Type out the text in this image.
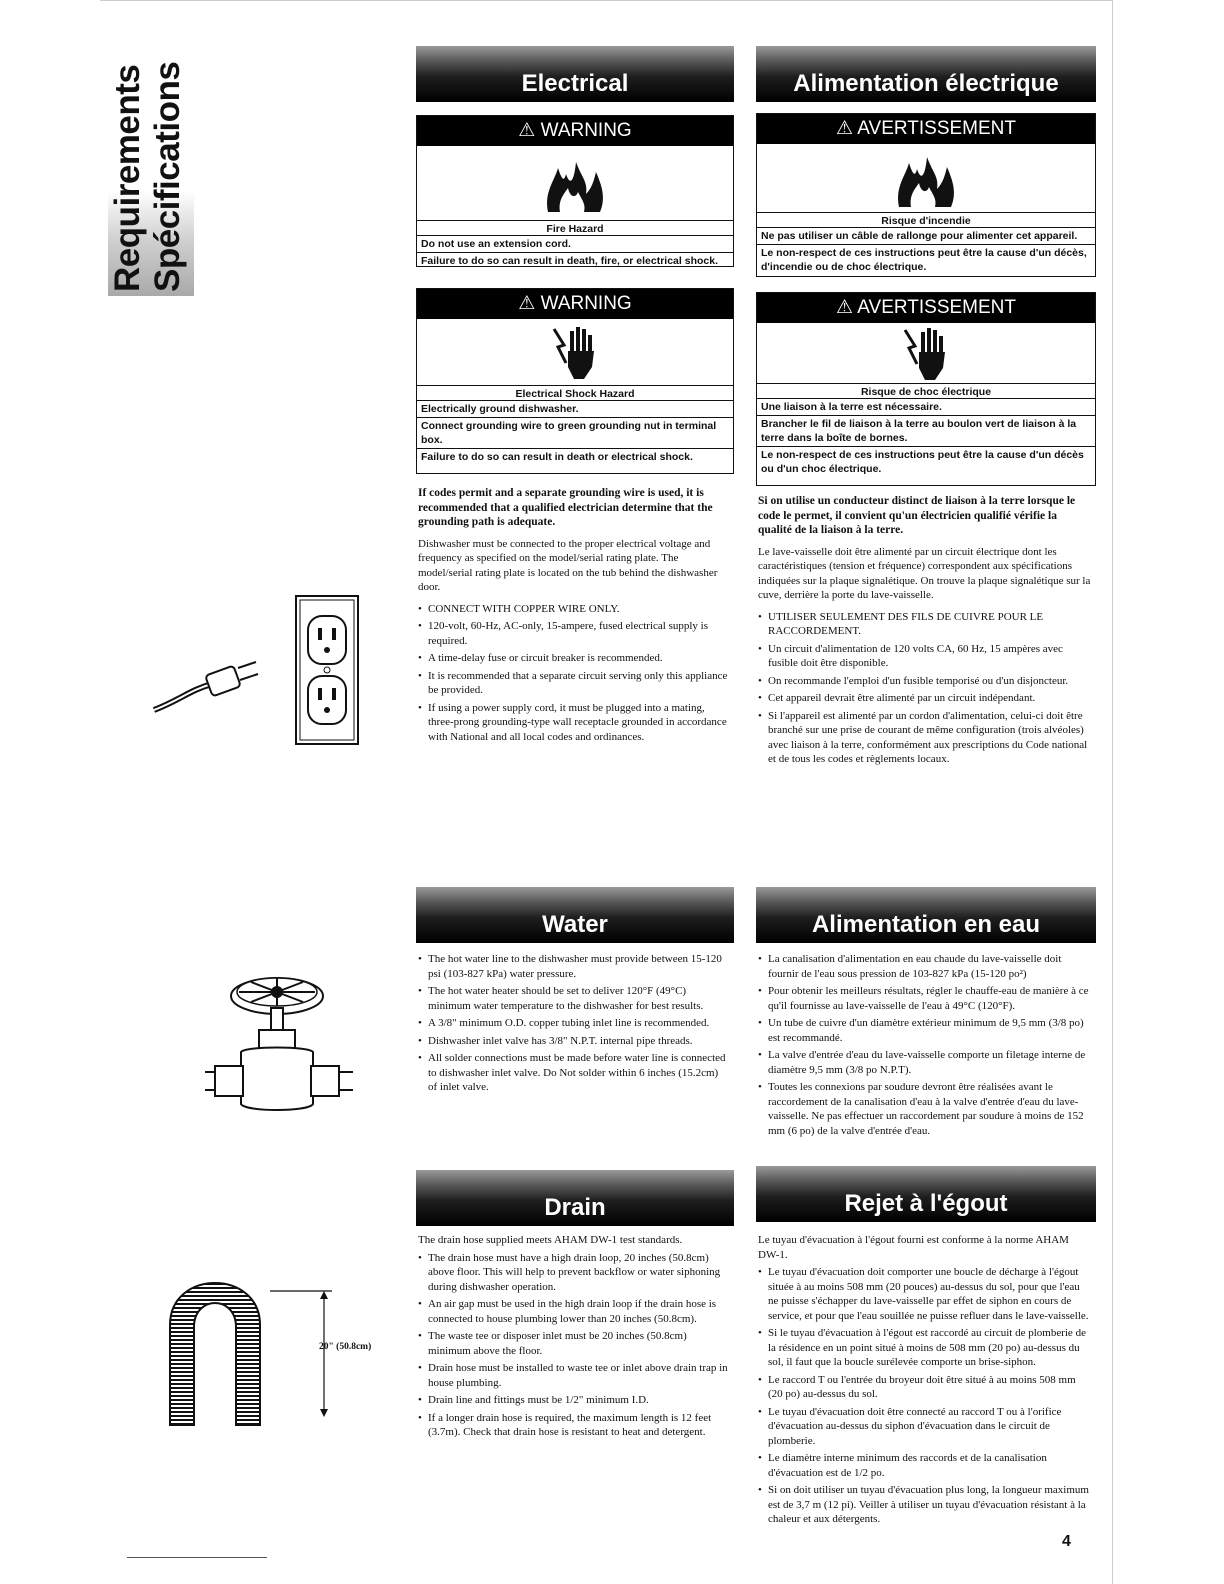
Requirements Spécifications	Electrical
⚠ WARNING
Fire Hazard
Do not use an extension cord.
Failure to do so can result in death, fire, or electrical shock.
⚠ WARNING
Electrical Shock Hazard
Electrically ground dishwasher.
Connect grounding wire to green grounding nut in terminal box.
Failure to do so can result in death or electrical shock.

If codes permit and a separate grounding wire is used, it is recommended that a qualified electrician determine that the grounding path is adequate.

Dishwasher must be connected to the proper electrical voltage and frequency as specified on the model/serial rating plate. The model/serial rating plate is located on the tub behind the dishwasher door.

• CONNECT WITH COPPER WIRE ONLY.
• 120-volt, 60-Hz, AC-only, 15-ampere, fused electrical supply is required.
• A time-delay fuse or circuit breaker is recommended.
• It is recommended that a separate circuit serving only this appliance be provided.
• If using a power supply cord, it must be plugged into a mating, three-prong grounding-type wall receptacle grounded in accordance with National and all local codes and ordinances.
Alimentation électrique
⚠ AVERTISSEMENT
Risque d'incendie
Ne pas utiliser un câble de rallonge pour alimenter cet appareil.
Le non-respect de ces instructions peut être la cause d'un décès, d'incendie ou de choc électrique.
⚠ AVERTISSEMENT
Risque de choc électrique
Une liaison à la terre est nécessaire.
Brancher le fil de liaison à la terre au boulon vert de liaison à la terre dans la boîte de bornes.
Le non-respect de ces instructions peut être la cause d'un décès ou d'un choc électrique.

Si on utilise un conducteur distinct de liaison à la terre lorsque le code le permet, il convient qu'un électricien qualifié vérifie la qualité de la liaison à la terre.

Le lave-vaisselle doit être alimenté par un circuit électrique dont les caractéristiques (tension et fréquence) correspondent aux spécifications indiquées sur la plaque signalétique. On trouve la plaque signalétique sur la cuve, derrière la porte du lave-vaisselle.

• UTILISER SEULEMENT DES FILS DE CUIVRE POUR LE RACCORDEMENT.
• Un circuit d'alimentation de 120 volts CA, 60 Hz, 15 ampères avec fusible doit être disponible.
• On recommande l'emploi d'un fusible temporisé ou d'un disjoncteur.
• Cet appareil devrait être alimenté par un circuit indépendant.
• Si l'appareil est alimenté par un cordon d'alimentation, celui-ci doit être branché sur une prise de courant de même configuration (trois alvéoles) avec liaison à la terre, conformément aux prescriptions du Code national et de tous les codes et règlements locaux.
Water
• The hot water line to the dishwasher must provide between 15-120 psi (103-827 kPa) water pressure.
• The hot water heater should be set to deliver 120°F (49°C) minimum water temperature to the dishwasher for best results.
• A 3/8" minimum O.D. copper tubing inlet line is recommended.
• Dishwasher inlet valve has 3/8" N.P.T. internal pipe threads.
• All solder connections must be made before water line is connected to dishwasher inlet valve. Do Not solder within 6 inches (15.2cm) of inlet valve.
Alimentation en eau
• La canalisation d'alimentation en eau chaude du lave-vaisselle doit fournir de l'eau sous pression de 103-827 kPa (15-120 po²)
• Pour obtenir les meilleurs résultats, régler le chauffe-eau de manière à ce qu'il fournisse au lave-vaisselle de l'eau à 49°C (120°F).
• Un tube de cuivre d'un diamètre extérieur minimum de 9,5 mm (3/8 po) est recommandé.
• La valve d'entrée d'eau du lave-vaisselle comporte un filetage interne de diamètre 9,5 mm (3/8 po N.P.T).
• Toutes les connexions par soudure devront être réalisées avant le raccordement de la canalisation d'eau à la valve d'entrée d'eau du lave-vaisselle. Ne pas effectuer un raccordement par soudure à moins de 152 mm (6 po) de la valve d'entrée d'eau.
Drain

The drain hose supplied meets AHAM DW-1 test standards.

• The drain hose must have a high drain loop, 20 inches (50.8cm) above floor. This will help to prevent backflow or water siphoning during dishwasher operation.
• An air gap must be used in the high drain loop if the drain hose is connected to house plumbing lower than 20 inches (50.8cm).
• The waste tee or disposer inlet must be 20 inches (50.8cm) minimum above the floor.
• Drain hose must be installed to waste tee or inlet above drain trap in house plumbing.
• Drain line and fittings must be 1/2" minimum I.D.
• If a longer drain hose is required, the maximum length is 12 feet (3.7m). Check that drain hose is resistant to heat and detergent.
Rejet à l'égout

Le tuyau d'évacuation à l'égout fourni est conforme à la norme AHAM DW-1.

• Le tuyau d'évacuation doit comporter une boucle de décharge à l'égout située à au moins 508 mm (20 pouces) au-dessus du sol, pour que l'eau ne puisse s'échapper du lave-vaisselle par effet de siphon en cours de service, et pour que l'eau souillée ne puisse refluer dans le lave-vaisselle.
• Si le tuyau d'évacuation à l'égout est raccordé au circuit de plomberie de la résidence en un point situé à moins de 508 mm (20 po) au-dessus du sol, il faut que la boucle surélevée comporte un brise-siphon.
• Le raccord T ou l'entrée du broyeur doit être situé à au moins 508 mm (20 po) au-dessus du sol.
• Le tuyau d'évacuation doit être connecté au raccord T ou à l'orifice d'évacuation au-dessus du siphon d'évacuation dans le circuit de plomberie.
• Le diamètre interne minimum des raccords et de la canalisation d'évacuation est de 1/2 po.
• Si on doit utiliser un tuyau d'évacuation plus long, la longueur maximum est de 3,7 m (12 pi). Veiller à utiliser un tuyau d'évacuation résistant à la chaleur et aux détergents.
20" (50.8cm)
4
